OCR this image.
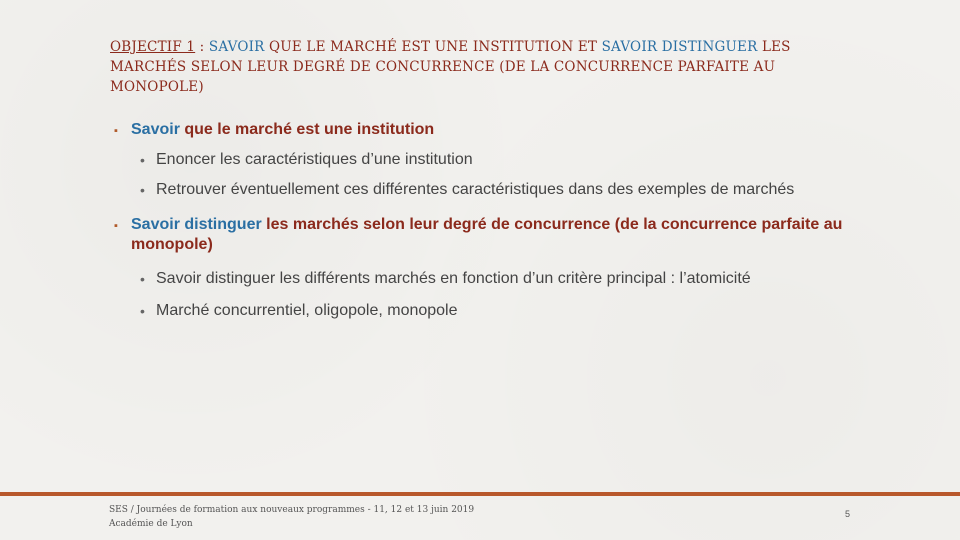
OBJECTIF 1 : SAVOIR QUE LE MARCHÉ EST UNE INSTITUTION ET SAVOIR DISTINGUER LES MARCHÉS SELON LEUR DEGRÉ DE CONCURRENCE (DE LA CONCURRENCE PARFAITE AU MONOPOLE)
▪ Savoir que le marché est une institution
• Enoncer les caractéristiques d’une institution
• Retrouver éventuellement ces différentes caractéristiques dans des exemples de marchés
▪ Savoir distinguer les marchés selon leur degré de concurrence (de la concurrence parfaite au monopole)
• Savoir distinguer les différents marchés en fonction d’un critère principal : l’atomicité
• Marché concurrentiel, oligopole, monopole
SES / Journées de formation aux nouveaux programmes - 11, 12 et 13 juin 2019
Académie de Lyon
5
